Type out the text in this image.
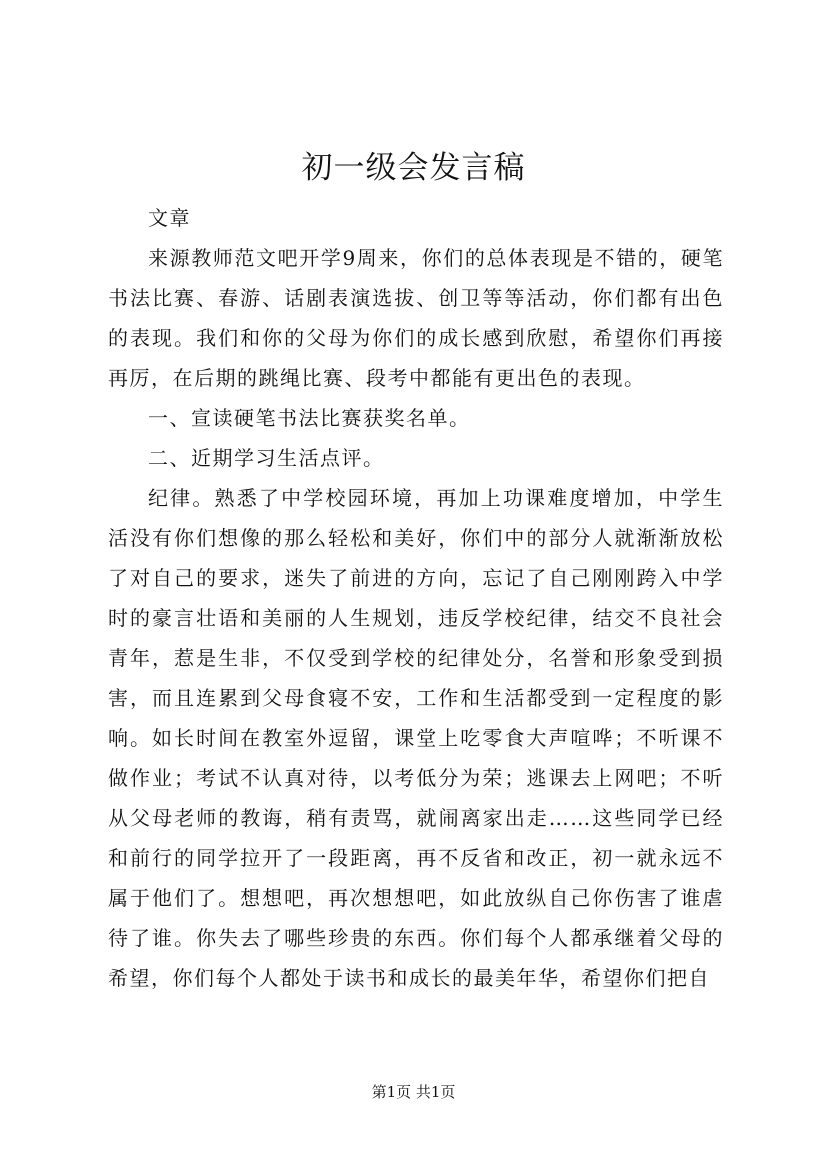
初一级会发言稿

文章

来源教师范文吧开学9周来，你们的总体表现是不错的，硬笔书法比赛、春游、话剧表演选拔、创卫等等活动，你们都有出色的表现。我们和你的父母为你们的成长感到欣慰，希望你们再接再厉，在后期的跳绳比赛、段考中都能有更出色的表现。

一、宣读硬笔书法比赛获奖名单。

二、近期学习生活点评。

纪律。熟悉了中学校园环境，再加上功课难度增加，中学生活没有你们想像的那么轻松和美好，你们中的部分人就渐渐放松了对自己的要求，迷失了前进的方向，忘记了自己刚刚跨入中学时的豪言壮语和美丽的人生规划，违反学校纪律，结交不良社会青年，惹是生非，不仅受到学校的纪律处分，名誉和形象受到损害，而且连累到父母食寝不安，工作和生活都受到一定程度的影响。如长时间在教室外逗留，课堂上吃零食大声喧哗；不听课不做作业；考试不认真对待，以考低分为荣；逃课去上网吧；不听从父母老师的教诲，稍有责骂，就闹离家出走……这些同学已经和前行的同学拉开了一段距离，再不反省和改正，初一就永远不属于他们了。想想吧，再次想想吧，如此放纵自己你伤害了谁虐待了谁。你失去了哪些珍贵的东西。你们每个人都承继着父母的希望，你们每个人都处于读书和成长的最美年华，希望你们把自

第1页 共1页
